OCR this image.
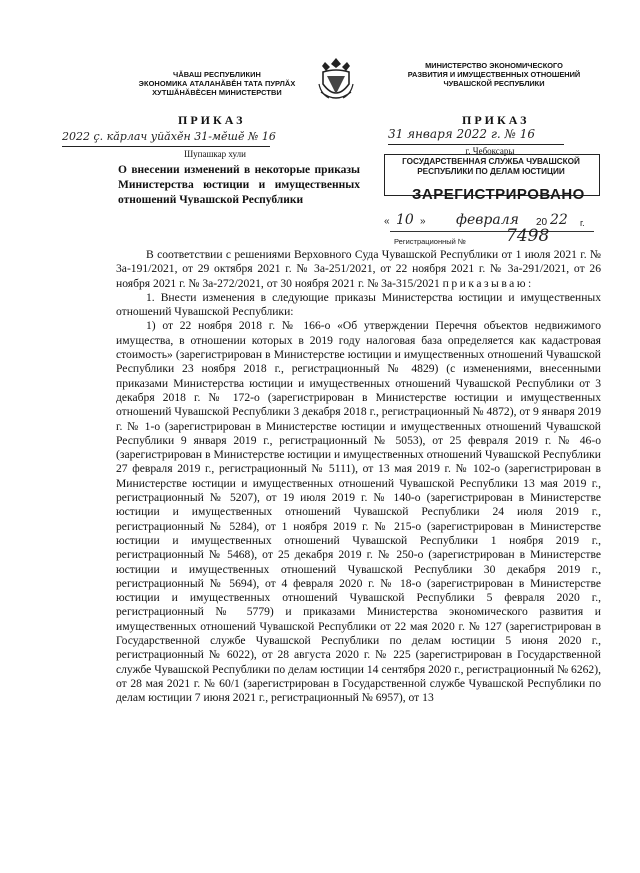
ЧĂВАШ РЕСПУБЛИКИН
ЭКОНОМИКА АТАЛАНĂВĔН ТАТА ПУРЛĂХ
ХУТШĂНĂВĔСЕН МИНИСТЕРСТВИ
МИНИСТЕРСТВО ЭКОНОМИЧЕСКОГО
РАЗВИТИЯ И ИМУЩЕСТВЕННЫХ ОТНОШЕНИЙ
ЧУВАШСКОЙ РЕСПУБЛИКИ
ПРИКАЗ
2022 ç. кăрлач уйăхĕн 31-мĕшĕ № 16
Шупашкар хули
ПРИКАЗ
31 января 2022 г. № 16
г. Чебоксары
О внесении изменений в некоторые приказы Министерства юстиции и имущественных отношений Чувашской Республики
ГОСУДАРСТВЕННАЯ СЛУЖБА ЧУВАШСКОЙ
РЕСПУБЛИКИ ПО ДЕЛАМ ЮСТИЦИИ
ЗАРЕГИСТРИРОВАНО
« 10 » февраля 20 22 г.
Регистрационный № 7498

В соответствии с решениями Верховного Суда Чувашской Республики от 1 июля 2021 г. № 3а-191/2021, от 29 октября 2021 г. № 3а-251/2021, от 22 ноября 2021 г. № 3а-291/2021, от 26 ноября 2021 г. № 3а-272/2021, от 30 ноября 2021 г. № 3а-315/2021 приказываю:

1. Внести изменения в следующие приказы Министерства юстиции и имущественных отношений Чувашской Республики:

1) от 22 ноября 2018 г. № 166-о «Об утверждении Перечня объектов недвижимого имущества, в отношении которых в 2019 году налоговая база определяется как кадастровая стоимость» (зарегистрирован в Министерстве юстиции и имущественных отношений Чувашской Республики 23 ноября 2018 г., регистрационный № 4829) (с изменениями, внесенными приказами Министерства юстиции и имущественных отношений Чувашской Республики от 3 декабря 2018 г. № 172-о (зарегистрирован в Министерстве юстиции и имущественных отношений Чувашской Республики 3 декабря 2018 г., регистрационный № 4872), от 9 января 2019 г. № 1-о (зарегистрирован в Министерстве юстиции и имущественных отношений Чувашской Республики 9 января 2019 г., регистрационный № 5053), от 25 февраля 2019 г. № 46-о (зарегистрирован в Министерстве юстиции и имущественных отношений Чувашской Республики 27 февраля 2019 г., регистрационный № 5111), от 13 мая 2019 г. № 102-о (зарегистрирован в Министерстве юстиции и имущественных отношений Чувашской Республики 13 мая 2019 г., регистрационный № 5207), от 19 июля 2019 г. № 140-о (зарегистрирован в Министерстве юстиции и имущественных отношений Чувашской Республики 24 июля 2019 г., регистрационный № 5284), от 1 ноября 2019 г. № 215-о (зарегистрирован в Министерстве юстиции и имущественных отношений Чувашской Республики 1 ноября 2019 г., регистрационный № 5468), от 25 декабря 2019 г. № 250-о (зарегистрирован в Министерстве юстиции и имущественных отношений Чувашской Республики 30 декабря 2019 г., регистрационный № 5694), от 4 февраля 2020 г. № 18-о (зарегистрирован в Министерстве юстиции и имущественных отношений Чувашской Республики 5 февраля 2020 г., регистрационный № 5779) и приказами Министерства экономического развития и имущественных отношений Чувашской Республики от 22 мая 2020 г. № 127 (зарегистрирован в Государственной службе Чувашской Республики по делам юстиции 5 июня 2020 г., регистрационный № 6022), от 28 августа 2020 г. № 225 (зарегистрирован в Государственной службе Чувашской Республики по делам юстиции 14 сентября 2020 г., регистрационный № 6262), от 28 мая 2021 г. № 60/1 (зарегистрирован в Государственной службе Чувашской Республики по делам юстиции 7 июня 2021 г., регистрационный № 6957), от 13
